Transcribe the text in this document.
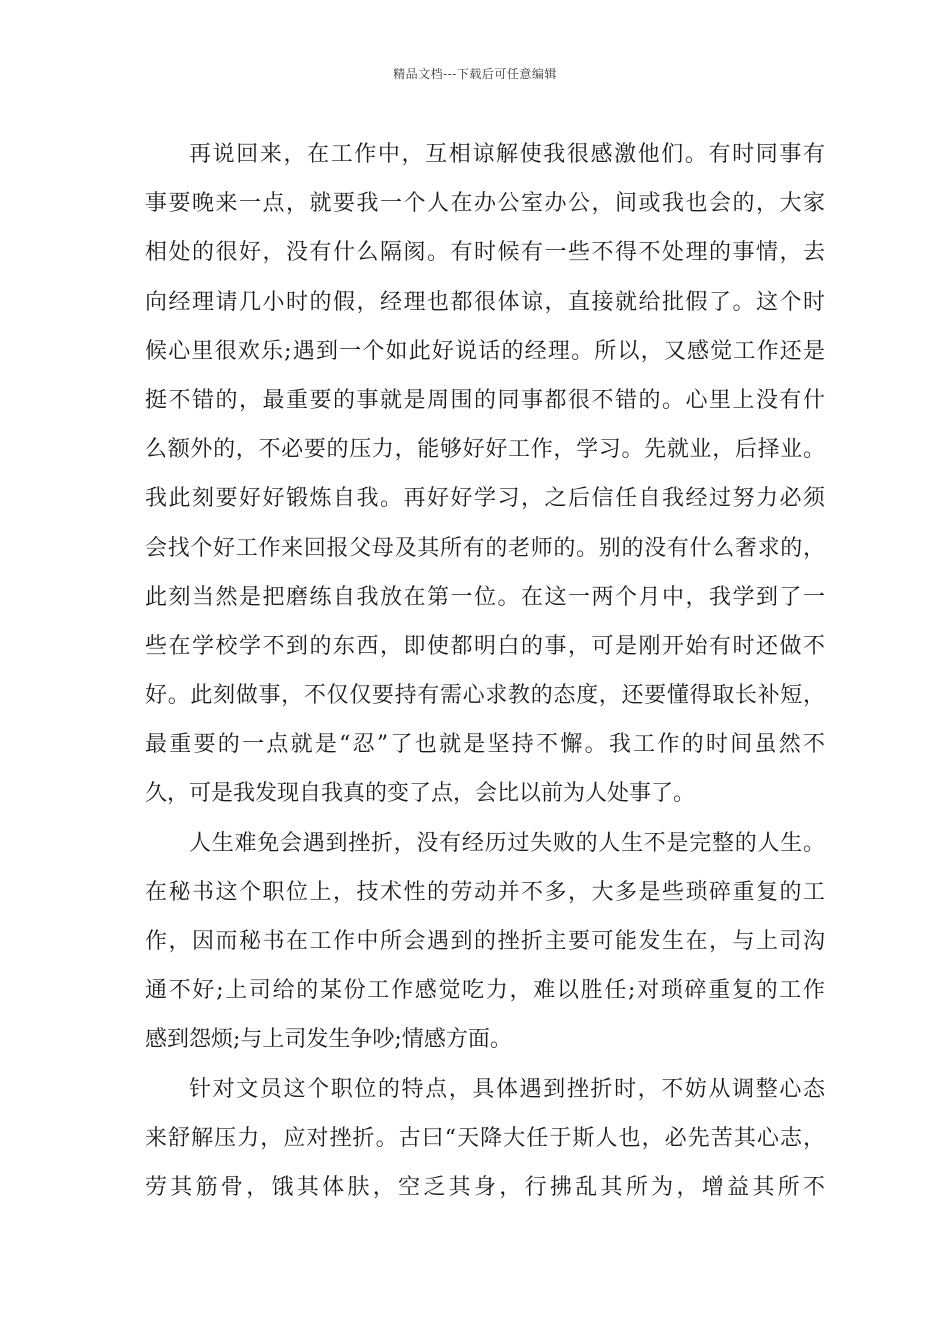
精品文档---下载后可任意编辑
再说回来，在工作中，互相谅解使我很感激他们。有时同事有
事要晚来一点，就要我一个人在办公室办公，间或我也会的，大家
相处的很好，没有什么隔阂。有时候有一些不得不处理的事情，去
向经理请几小时的假，经理也都很体谅，直接就给批假了。这个时
候心里很欢乐;遇到一个如此好说话的经理。所以，又感觉工作还是
挺不错的，最重要的事就是周围的同事都很不错的。心里上没有什
么额外的，不必要的压力，能够好好工作，学习。先就业，后择业。
我此刻要好好锻炼自我。再好好学习，之后信任自我经过努力必须
会找个好工作来回报父母及其所有的老师的。别的没有什么奢求的，
此刻当然是把磨练自我放在第一位。在这一两个月中，我学到了一
些在学校学不到的东西，即使都明白的事，可是刚开始有时还做不
好。此刻做事，不仅仅要持有需心求教的态度，还要懂得取长补短，
最重要的一点就是“忍”了也就是坚持不懈。我工作的时间虽然不
久，可是我发现自我真的变了点，会比以前为人处事了。
人生难免会遇到挫折，没有经历过失败的人生不是完整的人生。
在秘书这个职位上，技术性的劳动并不多，大多是些琐碎重复的工
作，因而秘书在工作中所会遇到的挫折主要可能发生在，与上司沟
通不好;上司给的某份工作感觉吃力，难以胜任;对琐碎重复的工作
感到怨烦;与上司发生争吵;情感方面。
针对文员这个职位的特点，具体遇到挫折时，不妨从调整心态
来舒解压力，应对挫折。古曰“天降大任于斯人也，必先苦其心志，
劳其筋骨，饿其体肤，空乏其身，行拂乱其所为，增益其所不
